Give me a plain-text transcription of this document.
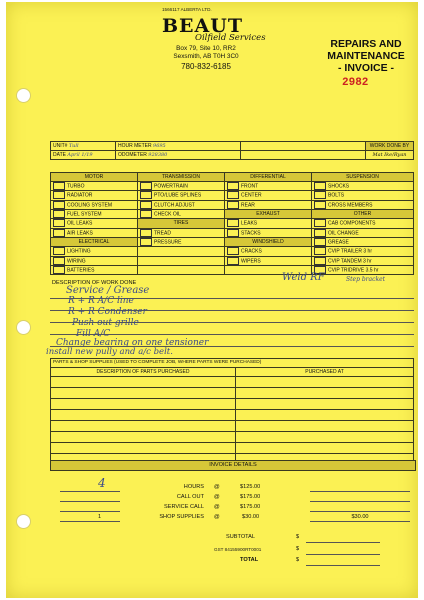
1566117 ALBERTA LTD.
BEAUT
Oilfield Services
Box 79, Site 10, RR2
Sexsmith, AB T0H 3C0
780-832-6185
REPAIRS AND
MAINTENANCE
- INVOICE -
2982
UNIT# Tull	HOUR METER 9695		WORK DONE BY
DATE April 1/19	ODOMETER 928380		Mat Ike/Ryan
MOTOR	TRANSMISSION	DIFFERENTIAL	SUSPENSION
TURBO	POWERTRAIN	FRONT	SHOCKS
RADIATOR	PTO/LUBE SPLINES	CENTER	BOLTS
COOLING SYSTEM	CLUTCH ADJUST	REAR	CROSS MEMBERS
FUEL SYSTEM	CHECK OIL	EXHAUST	OTHER
OIL LEAKS	TIRES	LEAKS	CAB COMPONENTS
AIR LEAKS	TREAD	STACKS	OIL CHANGE
ELECTRICAL	PRESSURE	WINDSHIELD	GREASE
LIGHTING		CRACKS	CVIP TRAILER 3 hr
WIRING		WIPERS	CVIP TANDEM 3 hr
BATTERIES			CVIP TRIDRIVE 3.5 hr
DESCRIPTION OF WORK DONE	Weld RF	Step bracket
Service / Grease
R + R A/C line
R + R Condenser
Push out grille
Fill A/C
Change bearing on one tensioner
install new pully and a/c belt.
PARTS & SHOP SUPPLIES (USED TO COMPLETE JOB, WHERE PARTS WERE PURCHASED)	
DESCRIPTION OF PARTS PURCHASED	PURCHASED AT

INVOICE DETAILS
4	HOURS @	$125.00
CALL OUT @	$175.00
SERVICE CALL @	$175.00
1	SHOP SUPPLIES @	$30.00	$30.00
SUBTOTAL	$
GST 84155900RT0001	$
TOTAL	$
